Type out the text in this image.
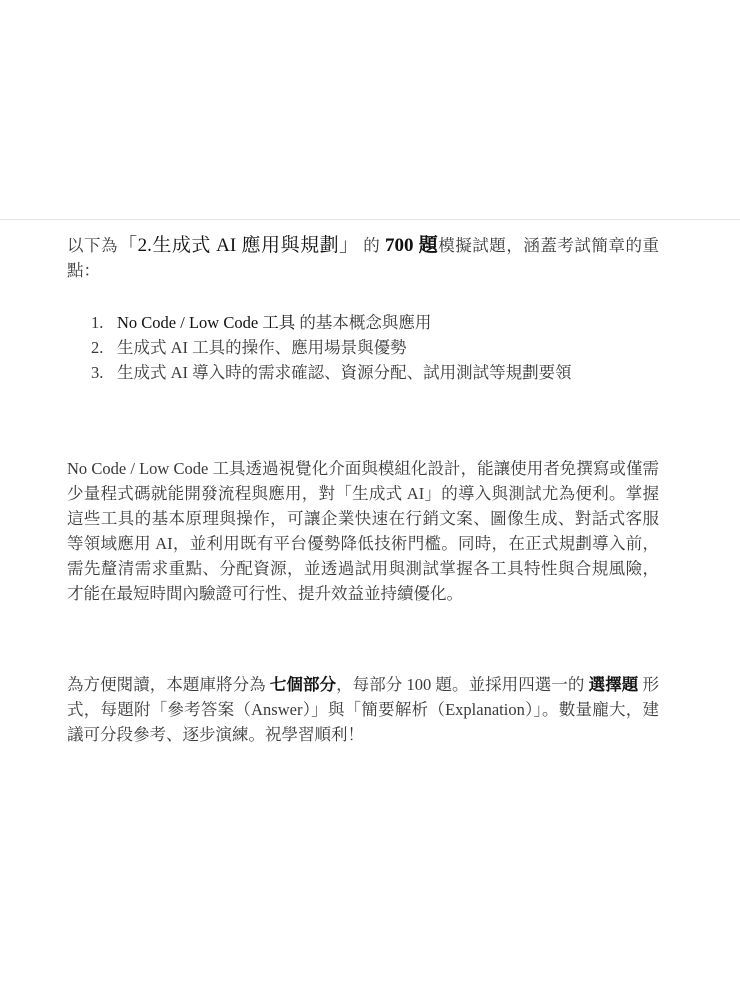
以下為「2.生成式 AI 應用與規劃」 的 700 題模擬試題，涵蓋考試簡章的重點：

1. No Code / Low Code 工具 的基本概念與應用
2. 生成式 AI 工具的操作、應用場景與優勢
3. 生成式 AI 導入時的需求確認、資源分配、試用測試等規劃要領

No Code / Low Code 工具透過視覺化介面與模組化設計，能讓使用者免撰寫或僅需少量程式碼就能開發流程與應用，對「生成式 AI」的導入與測試尤為便利。掌握這些工具的基本原理與操作，可讓企業快速在行銷文案、圖像生成、對話式客服等領域應用 AI，並利用既有平台優勢降低技術門檻。同時，在正式規劃導入前，需先釐清需求重點、分配資源，並透過試用與測試掌握各工具特性與合規風險，才能在最短時間內驗證可行性、提升效益並持續優化。

為方便閱讀，本題庫將分為 七個部分，每部分 100 題。並採用四選一的 選擇題 形式，每題附「參考答案（Answer）」與「簡要解析（Explanation）」。數量龐大，建議可分段參考、逐步演練。祝學習順利！
